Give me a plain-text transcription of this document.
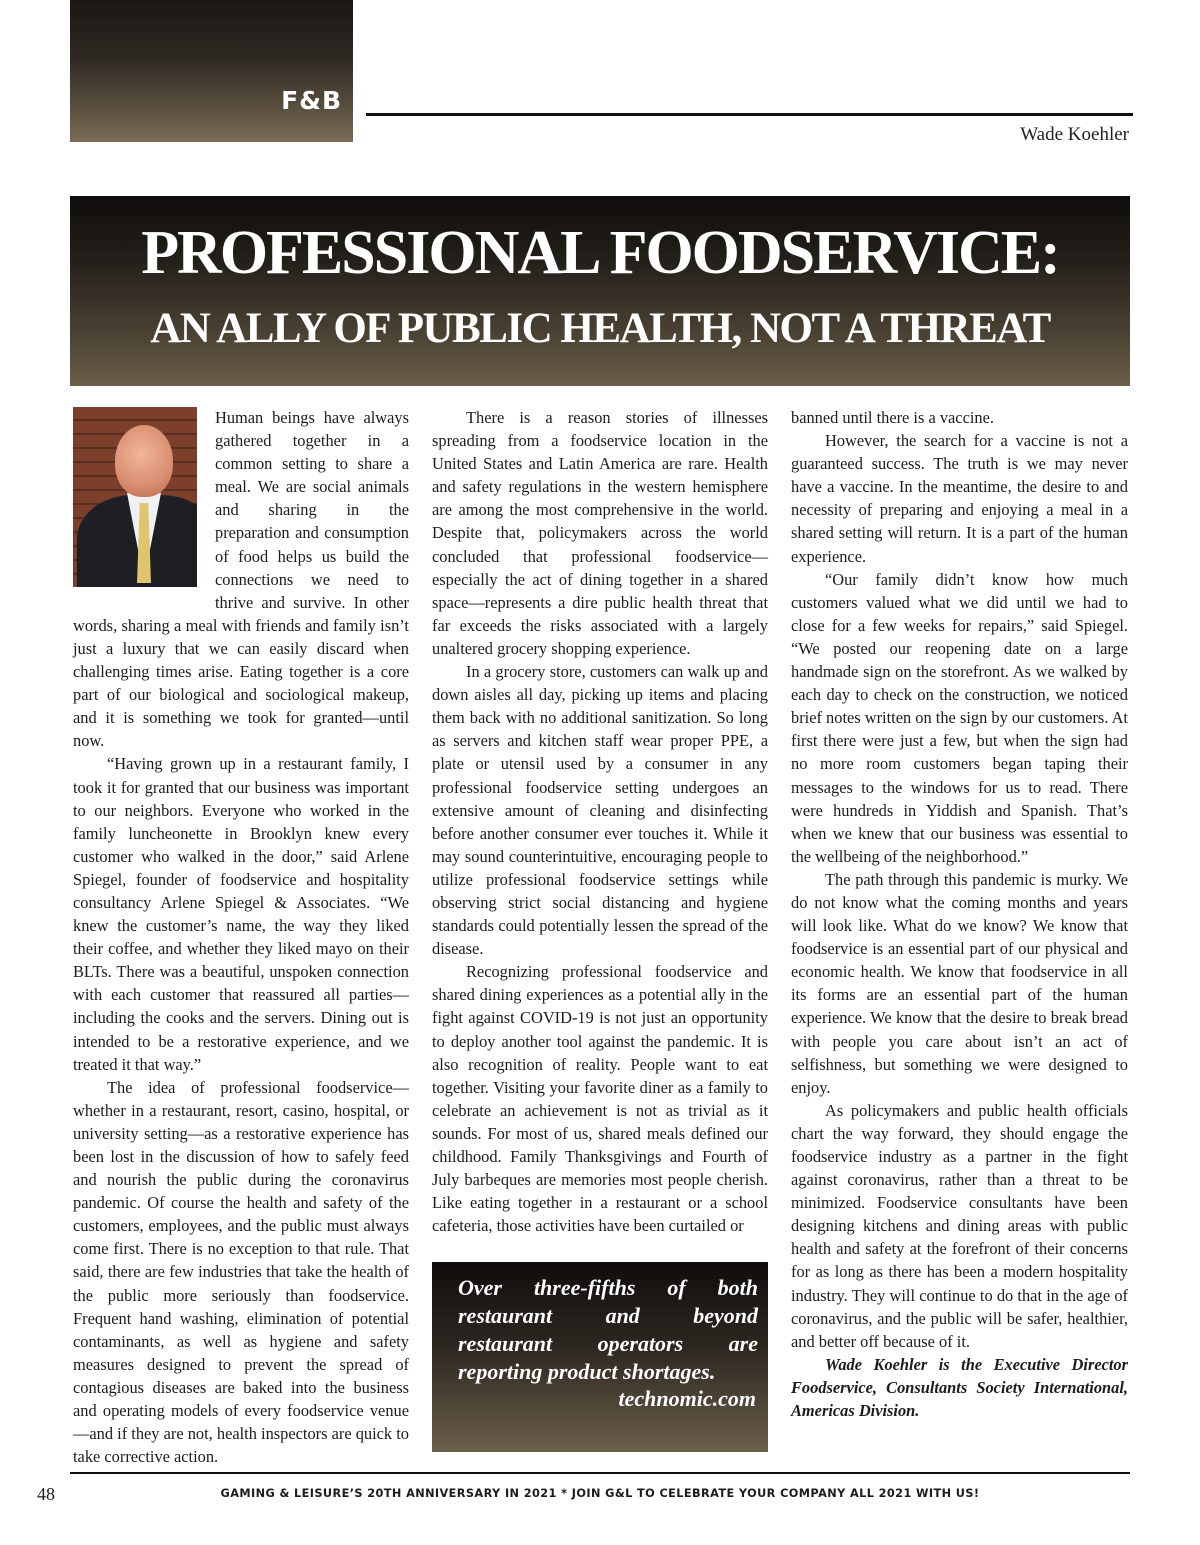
F&B
Wade Koehler
PROFESSIONAL FOODSERVICE:
AN ALLY OF PUBLIC HEALTH, NOT A THREAT

Human beings have always gathered together in a common setting to share a meal. We are social animals and sharing in the preparation and consumption of food helps us build the connections we need to thrive and survive. In other words, sharing a meal with friends and family isn’t just a luxury that we can easily discard when challenging times arise. Eating together is a core part of our biological and sociological makeup, and it is something we took for granted—until now.

“Having grown up in a restaurant family, I took it for granted that our business was important to our neighbors. Everyone who worked in the family luncheonette in Brooklyn knew every customer who walked in the door,” said Arlene Spiegel, founder of foodservice and hospitality consultancy Arlene Spiegel & Associates. “We knew the customer’s name, the way they liked their coffee, and whether they liked mayo on their BLTs. There was a beautiful, unspoken connection with each customer that reassured all parties—including the cooks and the servers. Dining out is intended to be a restorative experience, and we treated it that way.”

The idea of professional foodservice—whether in a restaurant, resort, casino, hospital, or university setting—as a restorative experience has been lost in the discussion of how to safely feed and nourish the public during the coronavirus pandemic. Of course the health and safety of the customers, employees, and the public must always come first. There is no exception to that rule. That said, there are few industries that take the health of the public more seriously than foodservice. Frequent hand washing, elimination of potential contaminants, as well as hygiene and safety measures designed to prevent the spread of contagious diseases are baked into the business and operating models of every foodservice venue—and if they are not, health inspectors are quick to take corrective action.

There is a reason stories of illnesses spreading from a foodservice location in the United States and Latin America are rare. Health and safety regulations in the western hemisphere are among the most comprehensive in the world. Despite that, policymakers across the world concluded that professional foodservice—especially the act of dining together in a shared space—represents a dire public health threat that far exceeds the risks associated with a largely unaltered grocery shopping experience.

In a grocery store, customers can walk up and down aisles all day, picking up items and placing them back with no additional sanitization. So long as servers and kitchen staff wear proper PPE, a plate or utensil used by a consumer in any professional foodservice setting undergoes an extensive amount of cleaning and disinfecting before another consumer ever touches it. While it may sound counterintuitive, encouraging people to utilize professional foodservice settings while observing strict social distancing and hygiene standards could potentially lessen the spread of the disease.

Recognizing professional foodservice and shared dining experiences as a potential ally in the fight against COVID-19 is not just an opportunity to deploy another tool against the pandemic. It is also recognition of reality. People want to eat together. Visiting your favorite diner as a family to celebrate an achievement is not as trivial as it sounds. For most of us, shared meals defined our childhood. Family Thanksgivings and Fourth of July barbeques are memories most people cherish. Like eating together in a restaurant or a school cafeteria, those activities have been curtailed or

Over three-fifths of both restaurant and beyond restaurant operators are reporting product shortages.
technomic.com

banned until there is a vaccine.

However, the search for a vaccine is not a guaranteed success. The truth is we may never have a vaccine. In the meantime, the desire to and necessity of preparing and enjoying a meal in a shared setting will return. It is a part of the human experience.

“Our family didn’t know how much customers valued what we did until we had to close for a few weeks for repairs,” said Spiegel. “We posted our reopening date on a large handmade sign on the storefront. As we walked by each day to check on the construction, we noticed brief notes written on the sign by our customers. At first there were just a few, but when the sign had no more room customers began taping their messages to the windows for us to read. There were hundreds in Yiddish and Spanish. That’s when we knew that our business was essential to the wellbeing of the neighborhood.”

The path through this pandemic is murky. We do not know what the coming months and years will look like. What do we know? We know that foodservice is an essential part of our physical and economic health. We know that foodservice in all its forms are an essential part of the human experience. We know that the desire to break bread with people you care about isn’t an act of selfishness, but something we were designed to enjoy.

As policymakers and public health officials chart the way forward, they should engage the foodservice industry as a partner in the fight against coronavirus, rather than a threat to be minimized. Foodservice consultants have been designing kitchens and dining areas with public health and safety at the forefront of their concerns for as long as there has been a modern hospitality industry. They will continue to do that in the age of coronavirus, and the public will be safer, healthier, and better off because of it.

Wade Koehler is the Executive Director Foodservice, Consultants Society International, Americas Division.

48	GAMING & LEISURE’S 20TH ANNIVERSARY IN 2021 * JOIN G&L TO CELEBRATE YOUR COMPANY ALL 2021 WITH US!
